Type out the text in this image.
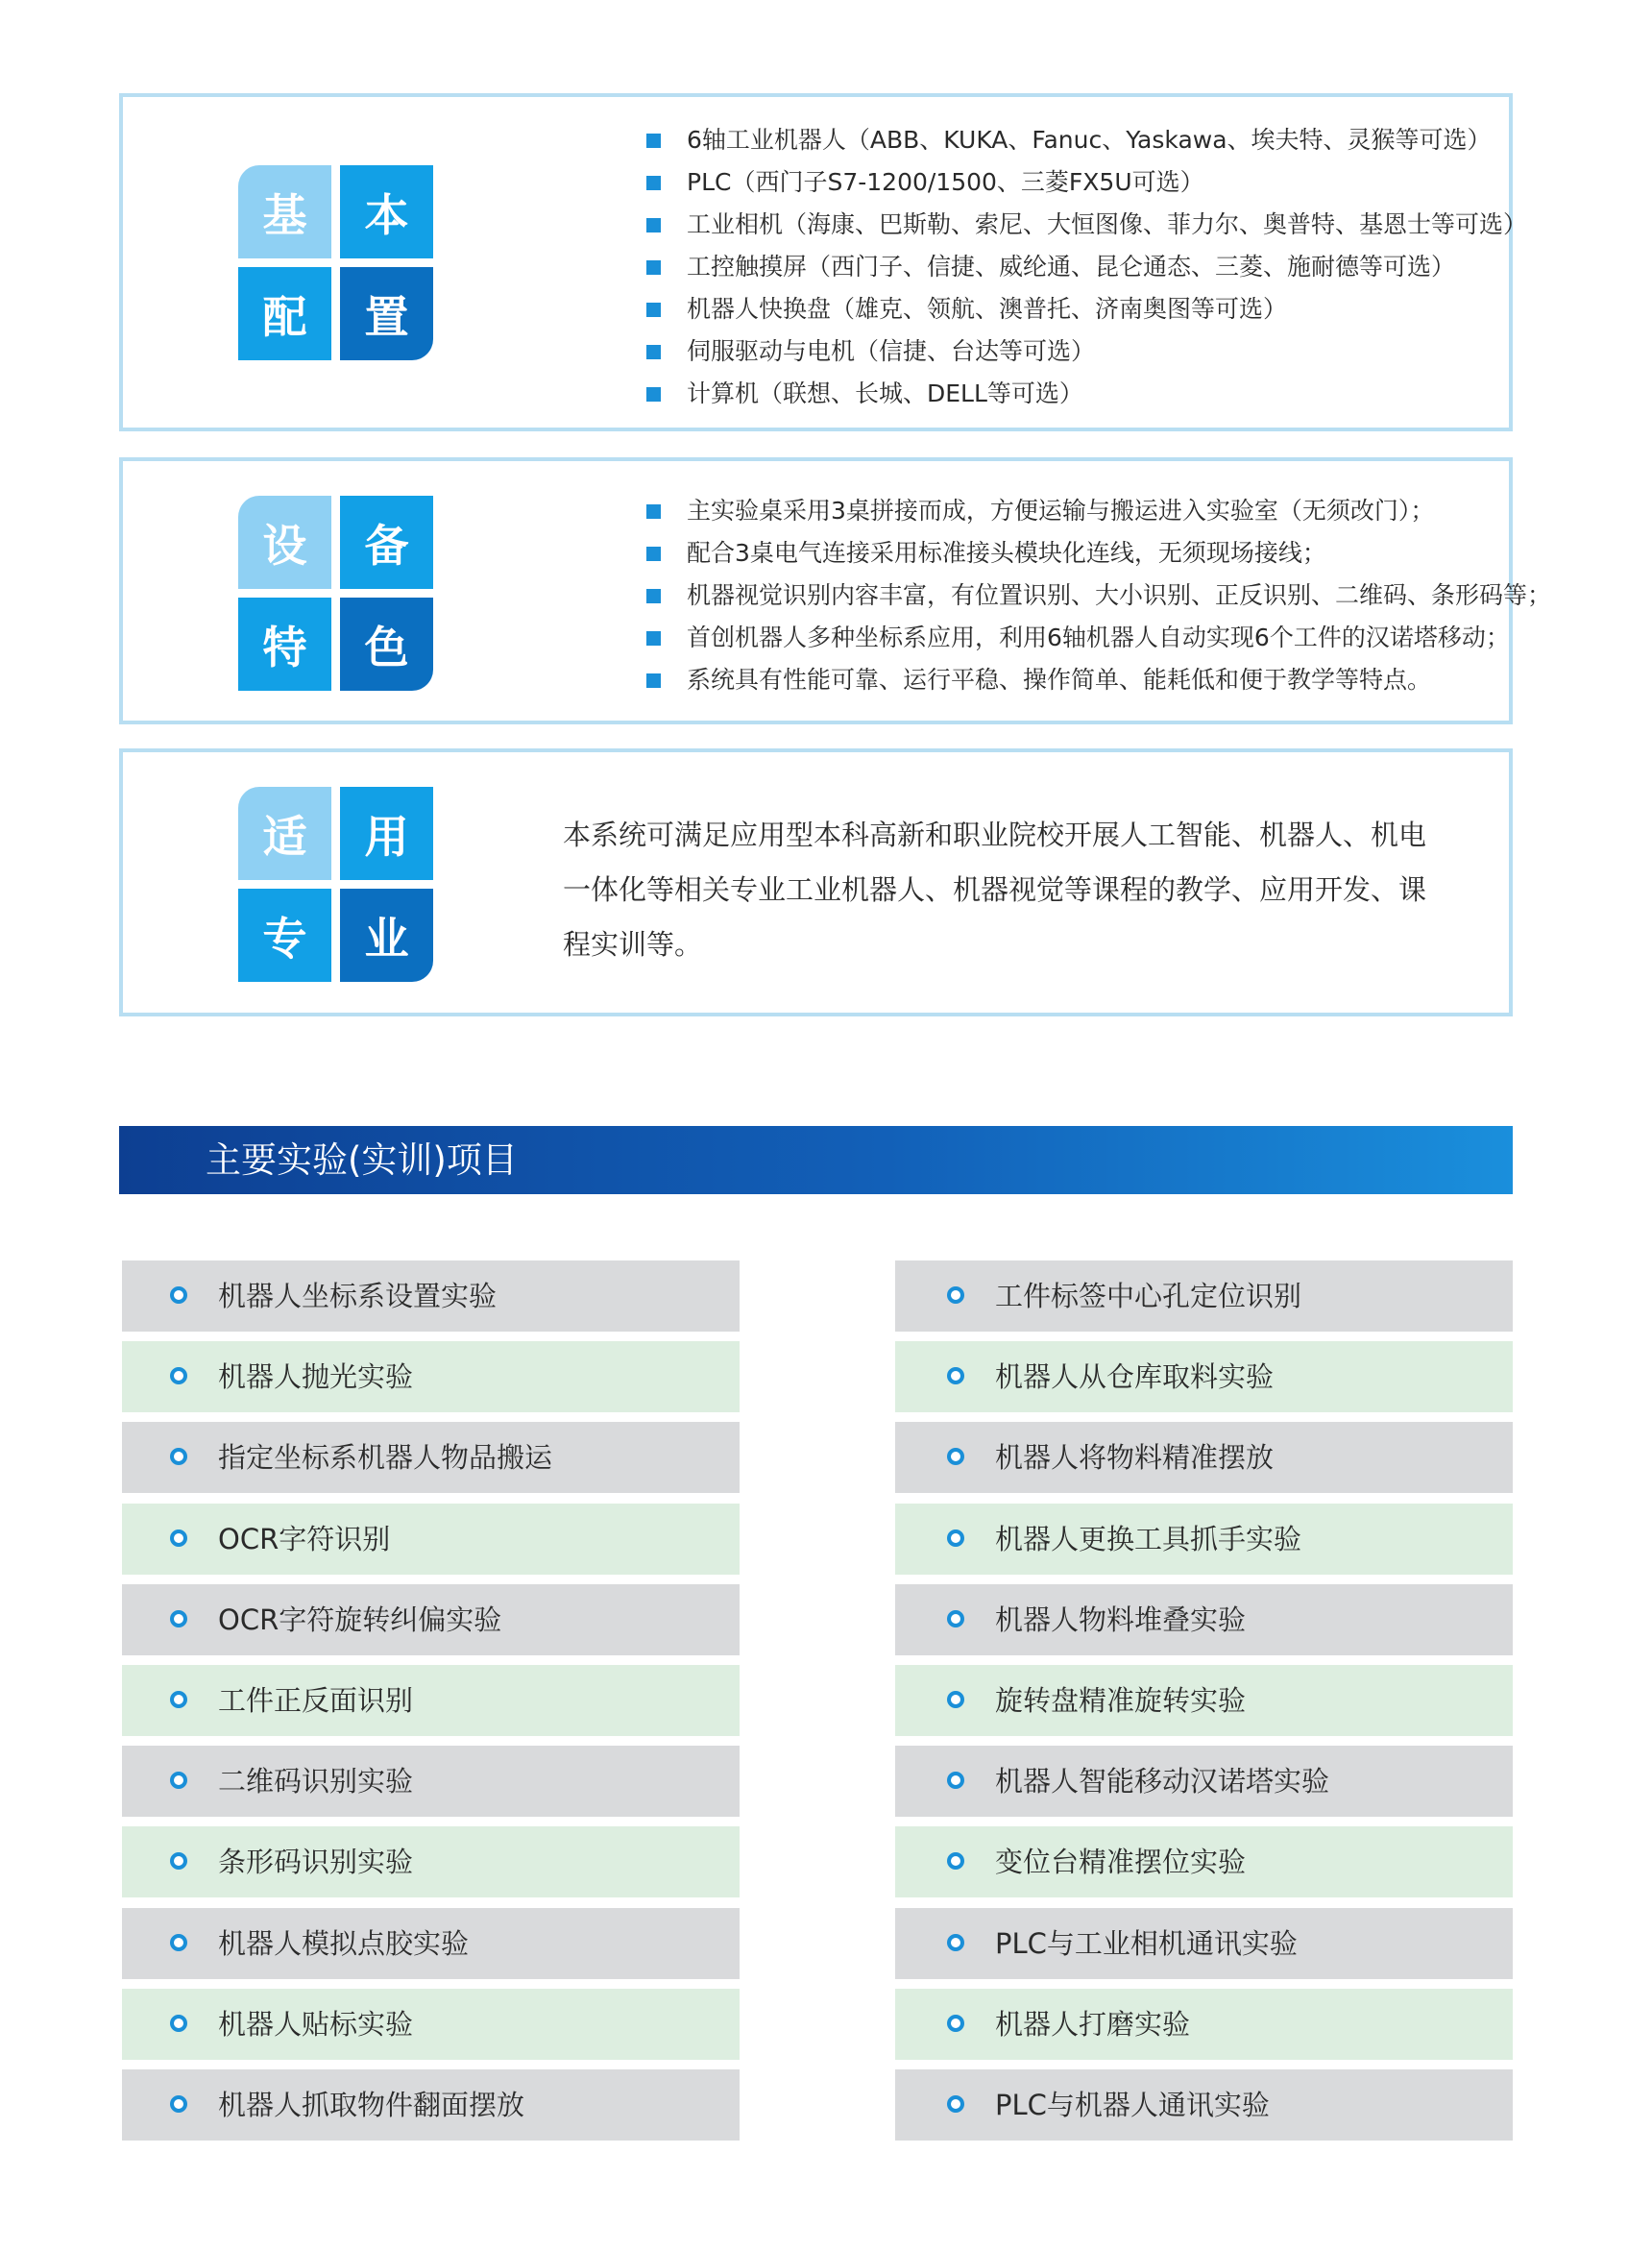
基	本
配	置
6轴工业机器人（ABB、KUKA、Fanuc、Yaskawa、埃夫特、灵猴等可选）
PLC（西门子S7-1200/1500、三菱FX5U可选）
工业相机（海康、巴斯勒、索尼、大恒图像、菲力尔、奥普特、基恩士等可选）
工控触摸屏（西门子、信捷、威纶通、昆仑通态、三菱、施耐德等可选）
机器人快换盘（雄克、领航、澳普托、济南奥图等可选）
伺服驱动与电机（信捷、台达等可选）
计算机（联想、长城、DELL等可选）
设	备
特	色
主实验桌采用3桌拼接而成，方便运输与搬运进入实验室（无须改门）；
配合3桌电气连接采用标准接头模块化连线，无须现场接线；
机器视觉识别内容丰富，有位置识别、大小识别、正反识别、二维码、条形码等；
首创机器人多种坐标系应用，利用6轴机器人自动实现6个工件的汉诺塔移动；
系统具有性能可靠、运行平稳、操作简单、能耗低和便于教学等特点。
适	用
专	业
本系统可满足应用型本科高新和职业院校开展人工智能、机器人、机电
一体化等相关专业工业机器人、机器视觉等课程的教学、应用开发、课
程实训等。
主要实验(实训)项目
机器人坐标系设置实验
机器人抛光实验
指定坐标系机器人物品搬运
OCR字符识别
OCR字符旋转纠偏实验
工件正反面识别
二维码识别实验
条形码识别实验
机器人模拟点胶实验
机器人贴标实验
机器人抓取物件翻面摆放
工件标签中心孔定位识别
机器人从仓库取料实验
机器人将物料精准摆放
机器人更换工具抓手实验
机器人物料堆叠实验
旋转盘精准旋转实验
机器人智能移动汉诺塔实验
变位台精准摆位实验
PLC与工业相机通讯实验
机器人打磨实验
PLC与机器人通讯实验
